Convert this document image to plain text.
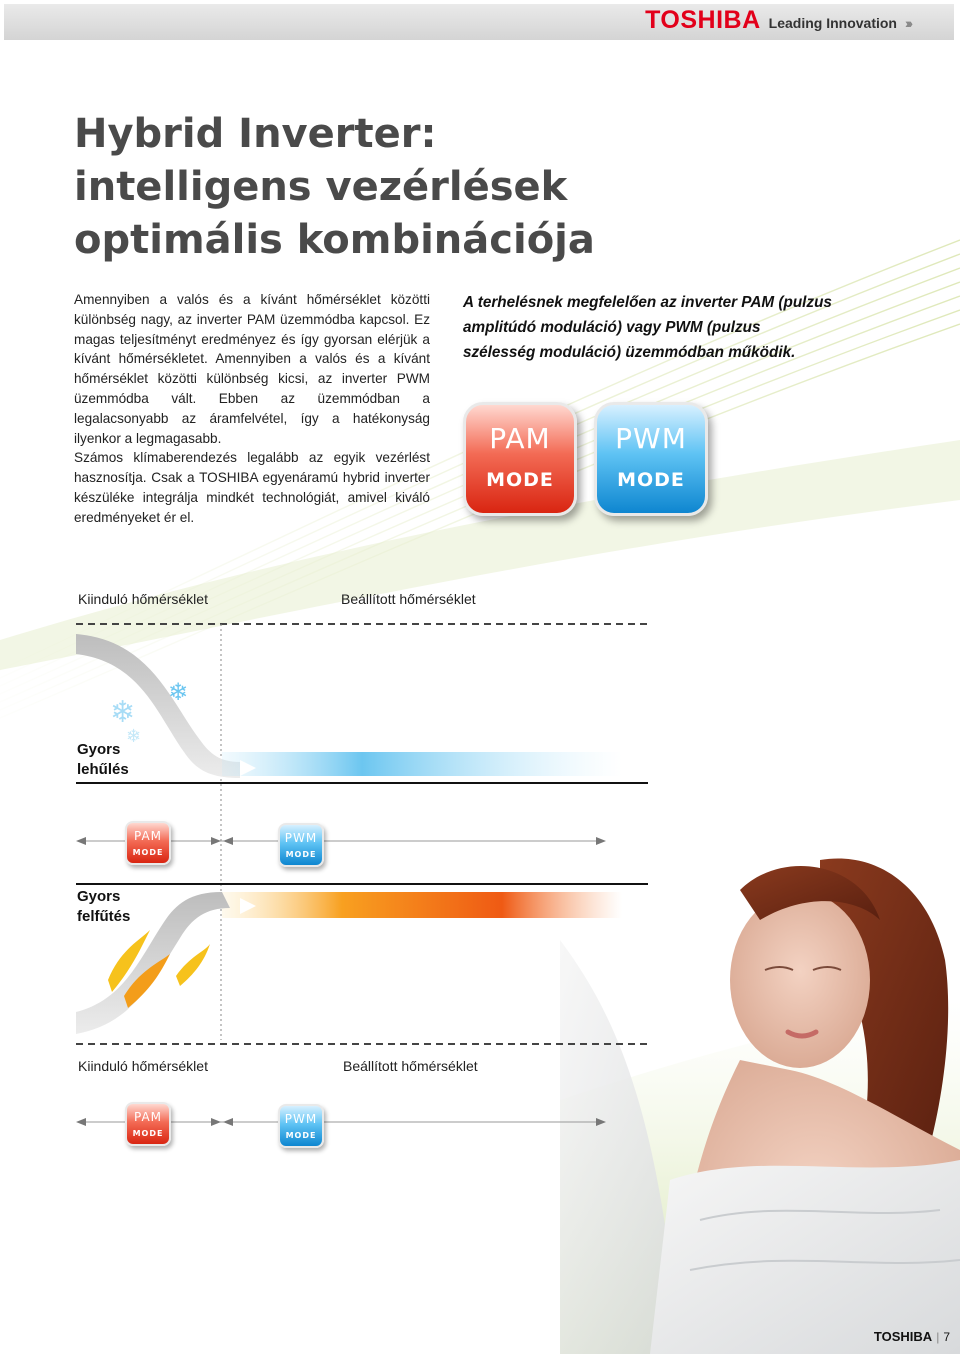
TOSHIBA Leading Innovation ›››
Hybrid Inverter:
intelligens vezérlések
optimális kombinációja

Amennyiben a valós és a kívánt hőmérséklet közötti különbség nagy, az inverter PAM üzemmódba kapcsol. Ez magas teljesítményt eredményez és így gyorsan elérjük a kívánt hőmérsékletet. Amennyiben a valós és a kívánt hőmérséklet közötti különbség kicsi, az inverter PWM üzemmódba vált. Ebben az üzemmódban a legalacsonyabb az áramfelvétel, így a hatékonyság ilyenkor a legmagasabb.

Számos klímaberendezés legalább az egyik vezérlést hasznosítja. Csak a TOSHIBA egyenáramú hybrid inverter készüléke integrálja mindkét technológiát, amivel kiváló eredményeket ér el.

A terhelésnek megfelelően az inverter PAM (pulzus amplitúdó moduláció) vagy PWM (pulzus szélesség moduláció) üzemmódban működik.
PAM
MODE
PWM
MODE
❄
❄
❄
Kiinduló hőmérséklet	Beállított hőmérséklet
Gyors
lehűlés
Gyors
felfűtés
Kiinduló hőmérséklet	Beállított hőmérséklet
PAM
MODE
PWM
MODE
PAM
MODE
PWM
MODE
TOSHIBA | 7
